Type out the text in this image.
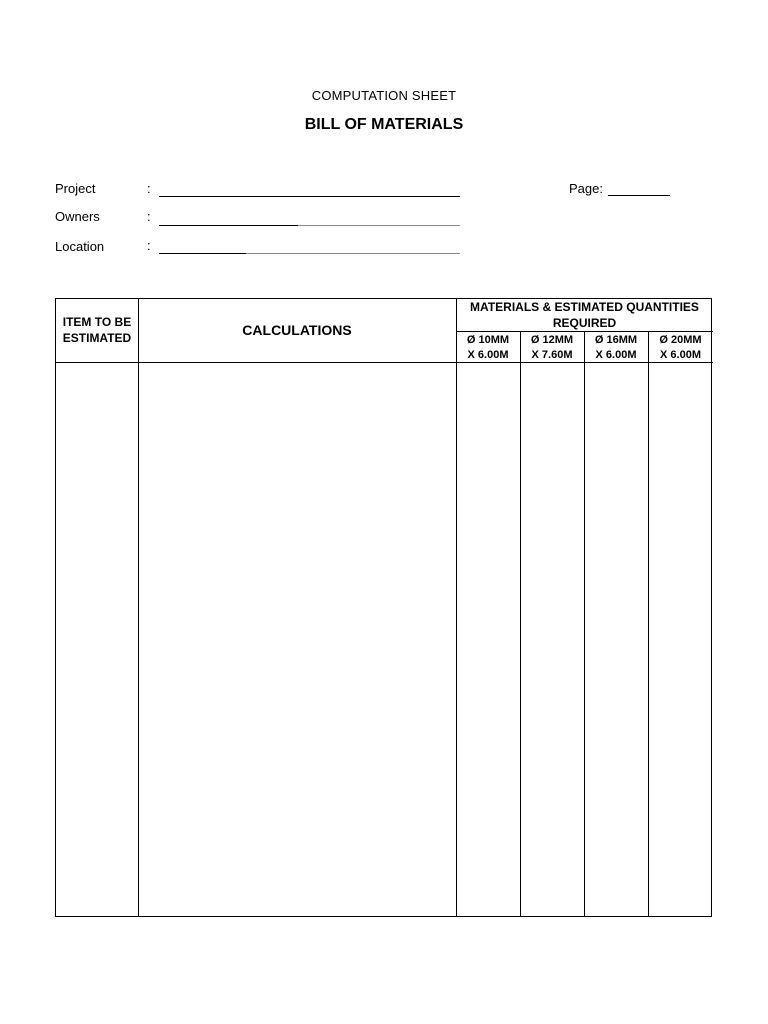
COMPUTATION SHEET
BILL OF MATERIALS
Project	:
Owners	:
Location	:
Page:
ITEM TO BE
ESTIMATED	CALCULATIONS
MATERIALS & ESTIMATED QUANTITIES
REQUIRED
Ø 10MM
X 6.00M
Ø 12MM
X 7.60M
Ø 16MM
X 6.00M
Ø 20MM
X 6.00M
